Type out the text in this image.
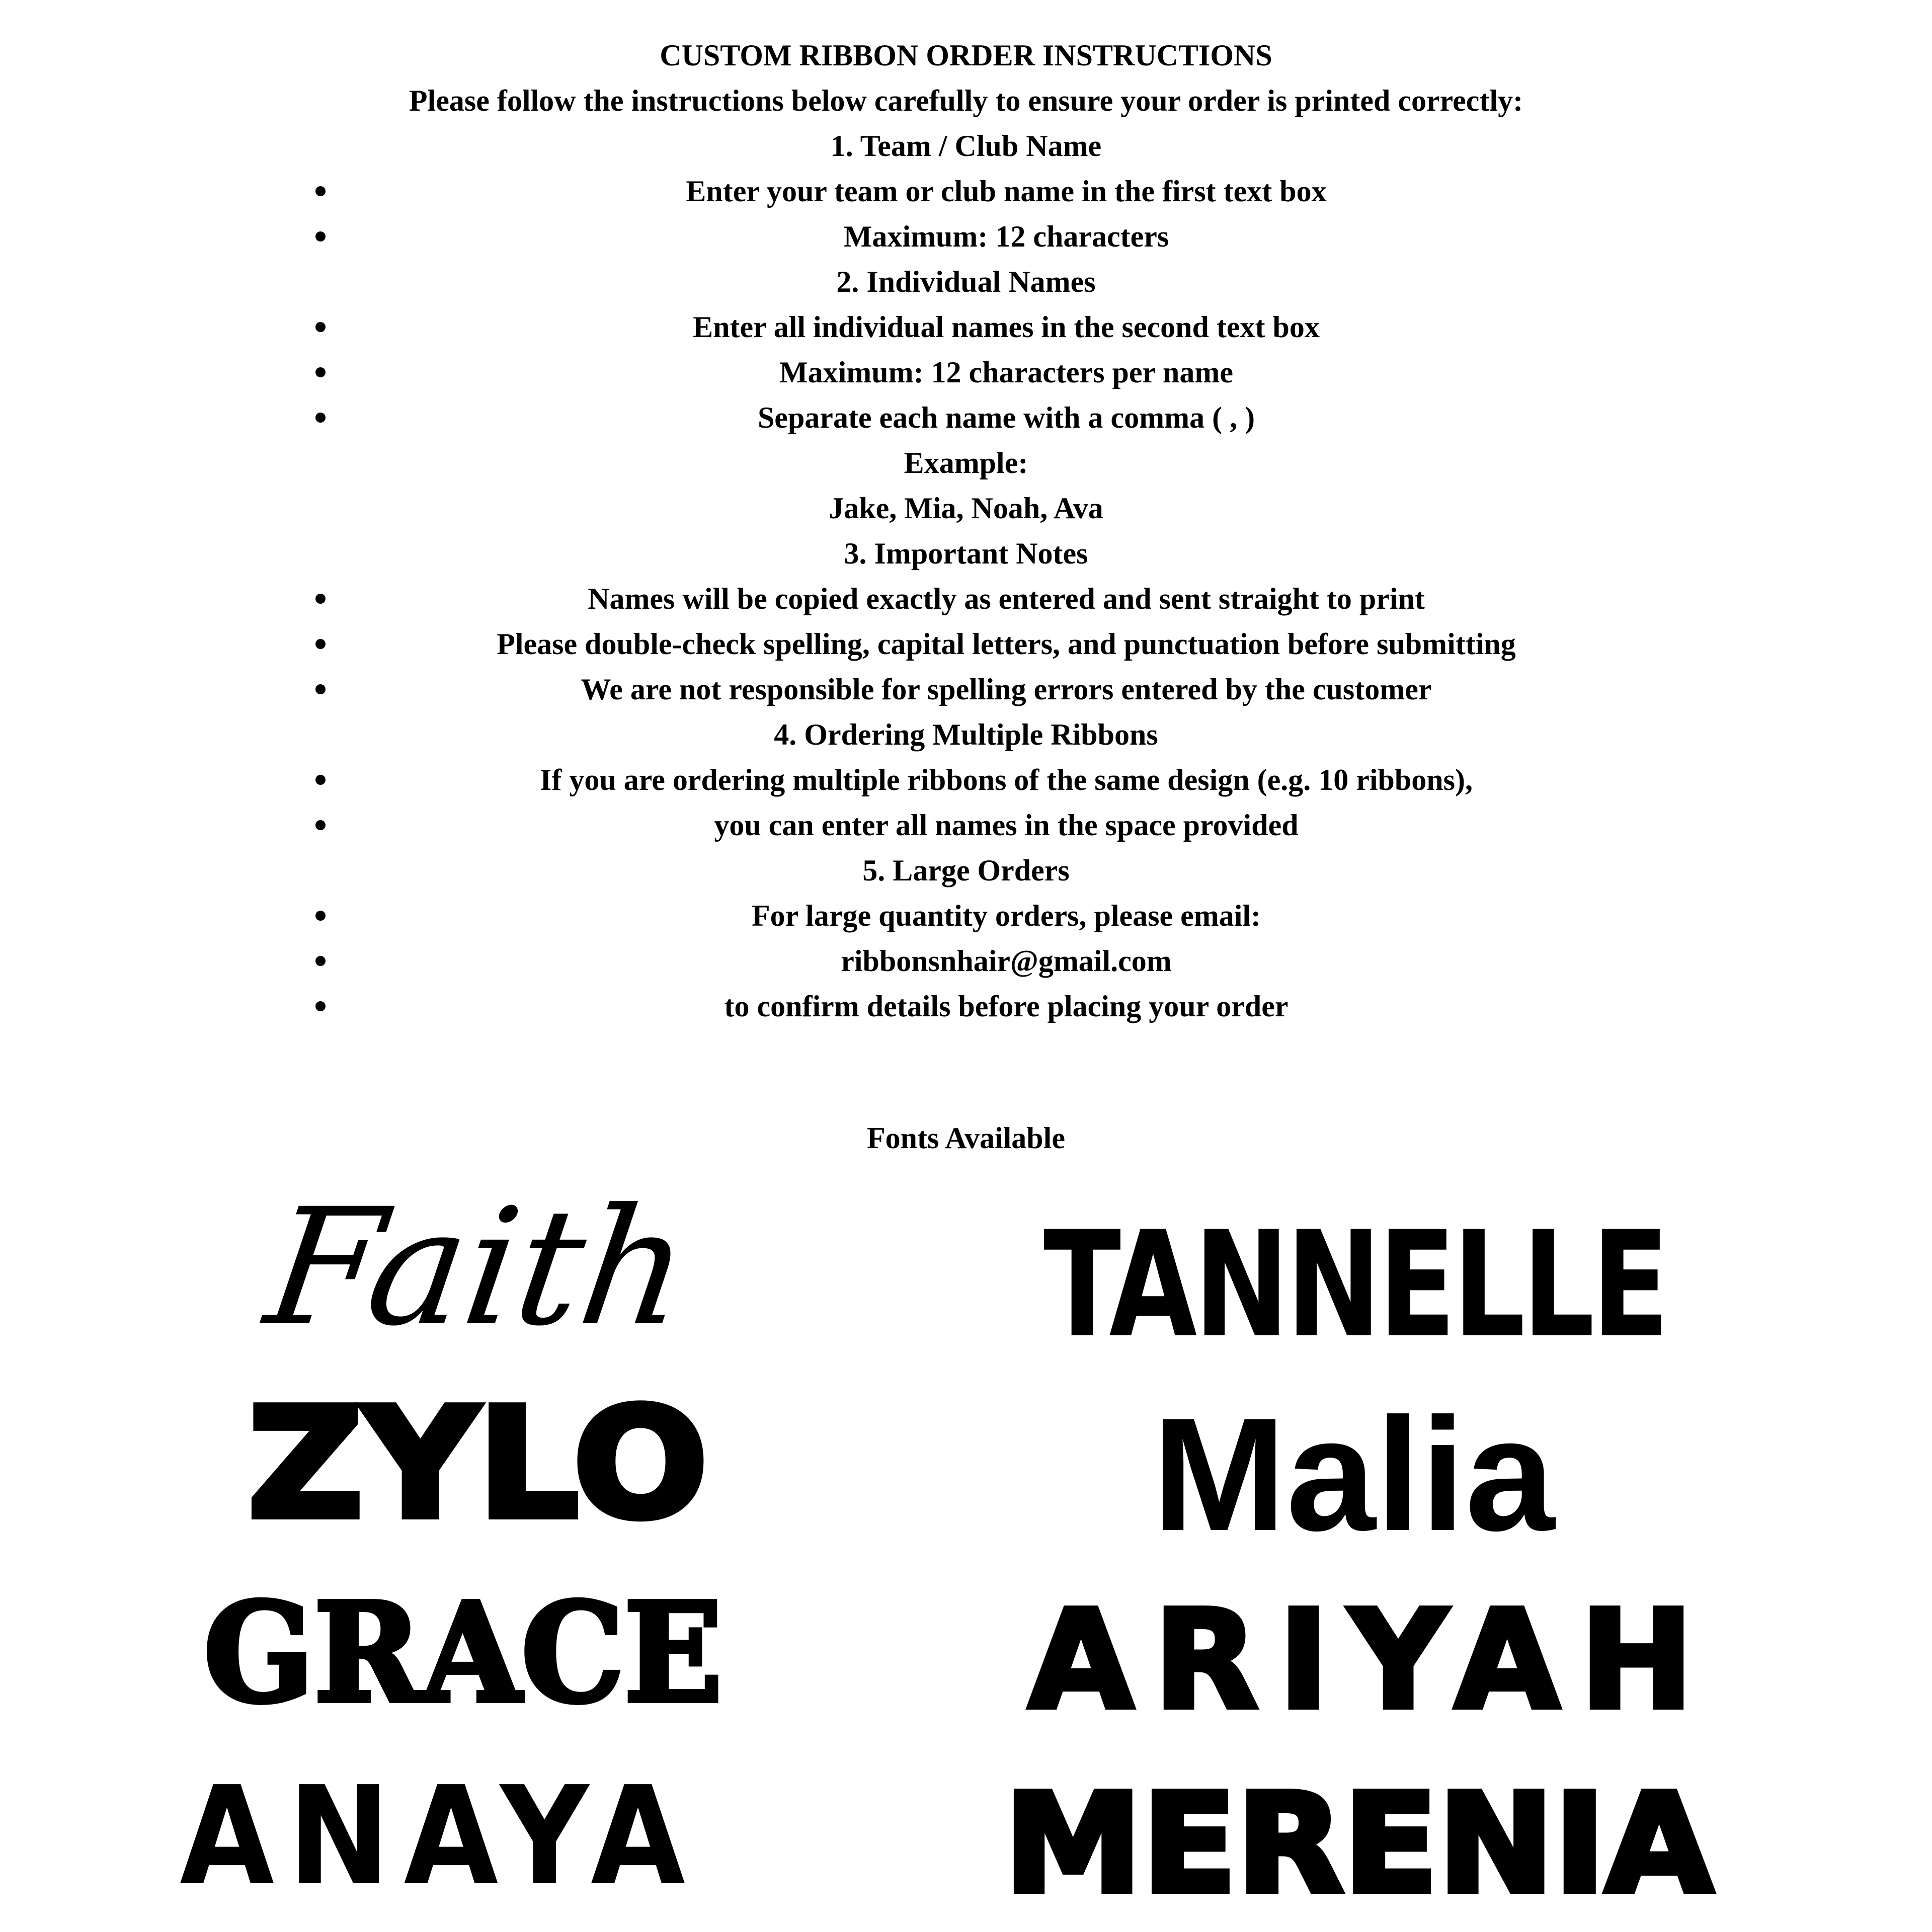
CUSTOM RIBBON ORDER INSTRUCTIONS
Please follow the instructions below carefully to ensure your order is printed correctly:
1. Team / Club Name
Enter your team or club name in the first text box
Maximum: 12 characters
2. Individual Names
Enter all individual names in the second text box
Maximum: 12 characters per name
Separate each name with a comma ( , )
Example:
Jake, Mia, Noah, Ava
3. Important Notes
Names will be copied exactly as entered and sent straight to print
Please double-check spelling, capital letters, and punctuation before submitting
We are not responsible for spelling errors entered by the customer
4. Ordering Multiple Ribbons
If you are ordering multiple ribbons of the same design (e.g. 10 ribbons),
you can enter all names in the space provided
5. Large Orders
For large quantity orders, please email:
ribbonsnhair@gmail.com
to confirm details before placing your order
Fonts Available
Faith	TANNELLE
ZYLO	Malia
GRACE ARIYAH
ANAYA	MERENIA
